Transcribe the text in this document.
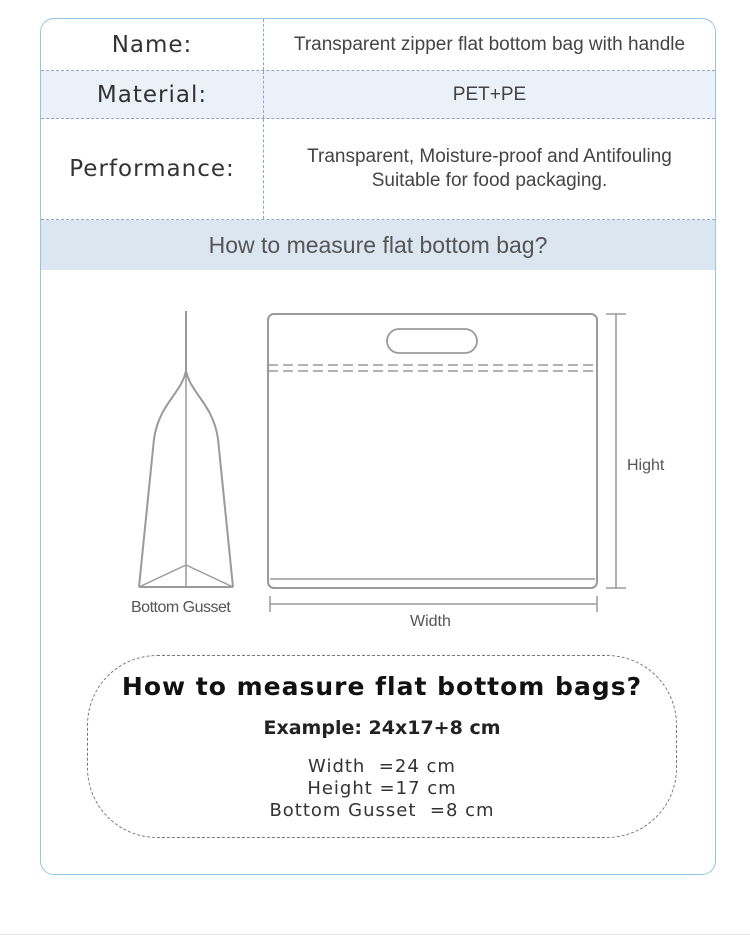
Name:	Transparent zipper flat bottom bag with handle
Material:	PET+PE
Performance:	Transparent, Moisture-proof and Antifouling
Suitable for food packaging.
How to measure flat bottom bag?
Bottom Gusset
Width
Hight
How to measure flat bottom bags?
Example: 24x17+8 cm
Width  =24 cm
Height =17 cm
Bottom Gusset  =8 cm
